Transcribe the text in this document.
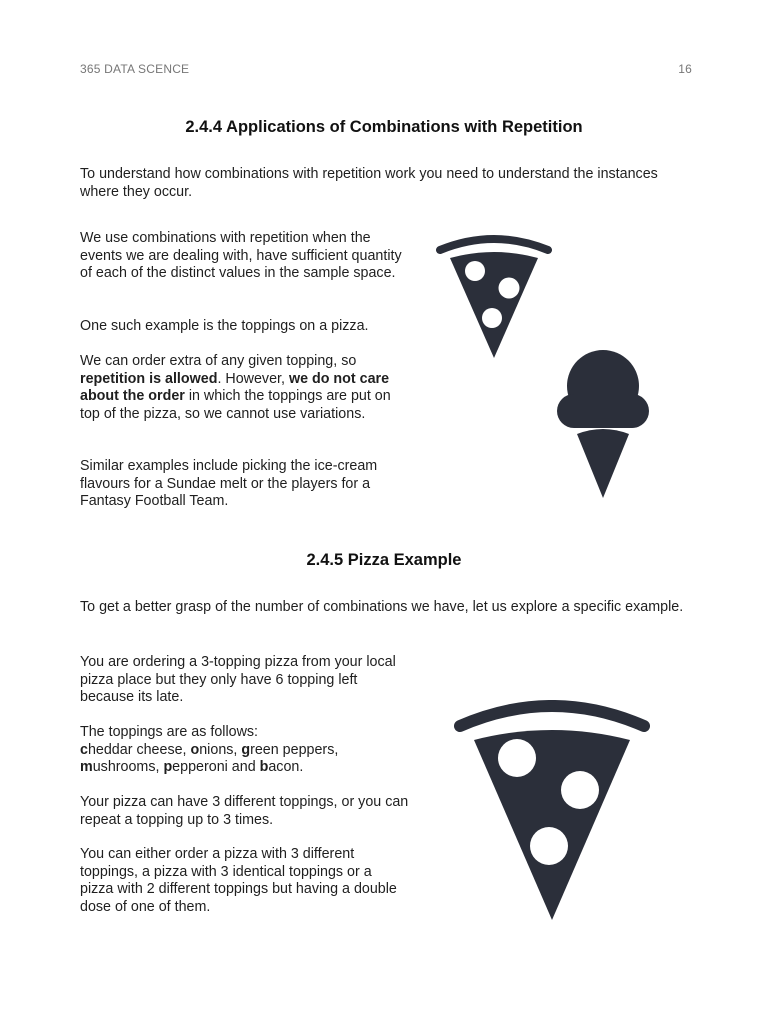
365 DATA SCENCE	16
2.4.4 Applications of Combinations with Repetition

To understand how combinations with repetition work you need to understand the instances where they occur.

We use combinations with repetition when the events we are dealing with, have sufficient quantity of each of the distinct values in the sample space.

One such example is the toppings on a pizza.

We can order extra of any given topping, so repetition is allowed. However, we do not care about the order in which the toppings are put on top of the pizza, so we cannot use variations.

Similar examples include picking the ice-cream flavours for a Sundae melt or the players for a Fantasy Football Team.

2.4.5 Pizza Example

To get a better grasp of the number of combinations we have, let us explore a specific example.

You are ordering a 3-topping pizza from your local pizza place but they only have 6 topping left because its late.

The toppings are as follows:
cheddar cheese, onions, green peppers,
mushrooms, pepperoni and bacon.

Your pizza can have 3 different toppings, or you can repeat a topping up to 3 times.

You can either order a pizza with 3 different toppings, a pizza with 3 identical toppings or a pizza with 2 different toppings but having a double dose of one of them.
